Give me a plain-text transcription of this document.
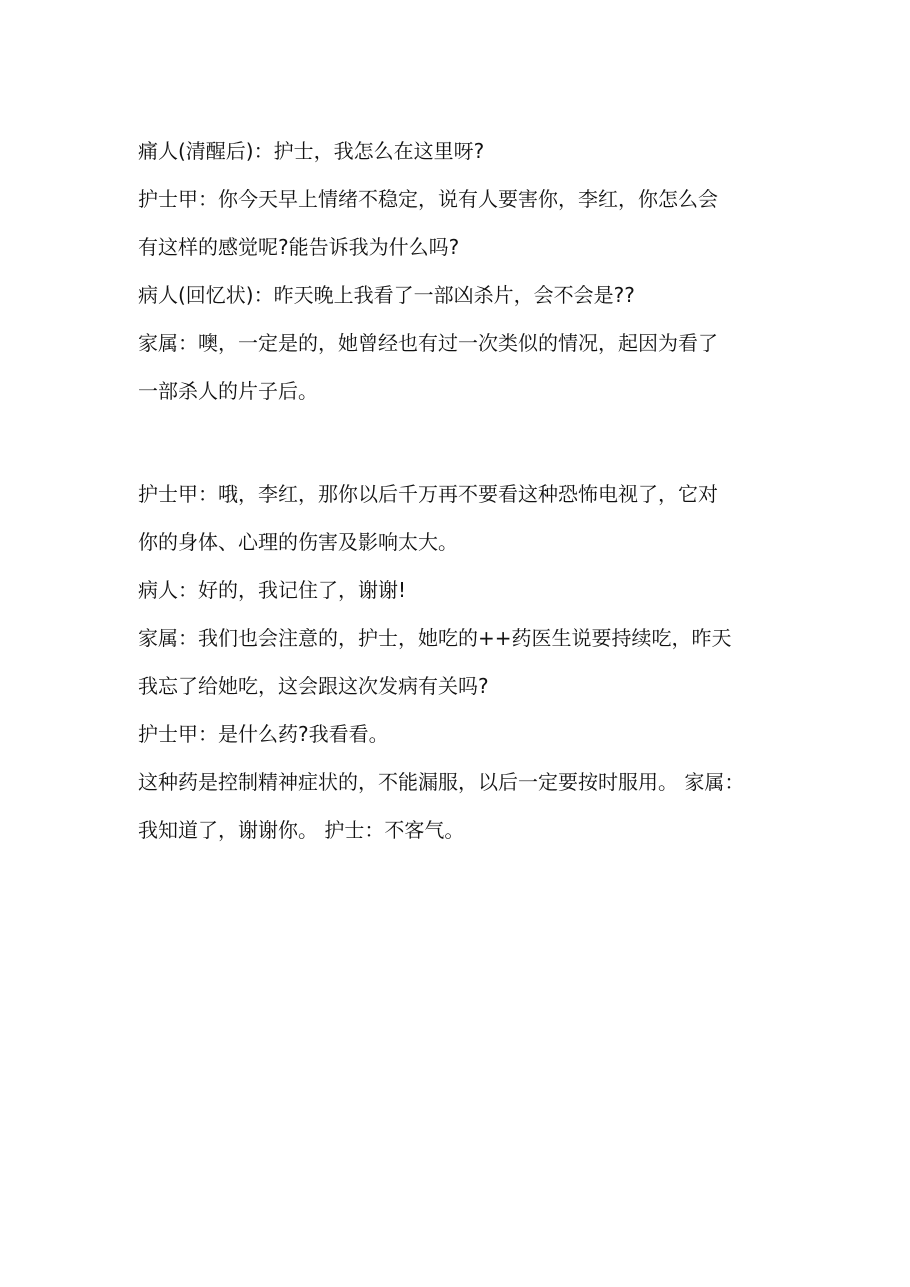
痛人(清醒后)：护士，我怎么在这里呀?

护士甲：你今天早上情绪不稳定，说有人要害你，李红，你怎么会

有这样的感觉呢?能告诉我为什么吗?

病人(回忆状)：昨天晚上我看了一部凶杀片，会不会是??

家属：噢，一定是的，她曾经也有过一次类似的情况，起因为看了

一部杀人的片子后。

护士甲：哦，李红，那你以后千万再不要看这种恐怖电视了，它对

你的身体、心理的伤害及影响太大。

病人：好的，我记住了，谢谢!

家属：我们也会注意的，护士，她吃的++药医生说要持续吃，昨天

我忘了给她吃，这会跟这次发病有关吗?

护士甲：是什么药?我看看。

这种药是控制精神症状的，不能漏服，以后一定要按时服用。 家属：

我知道了，谢谢你。 护士：不客气。
